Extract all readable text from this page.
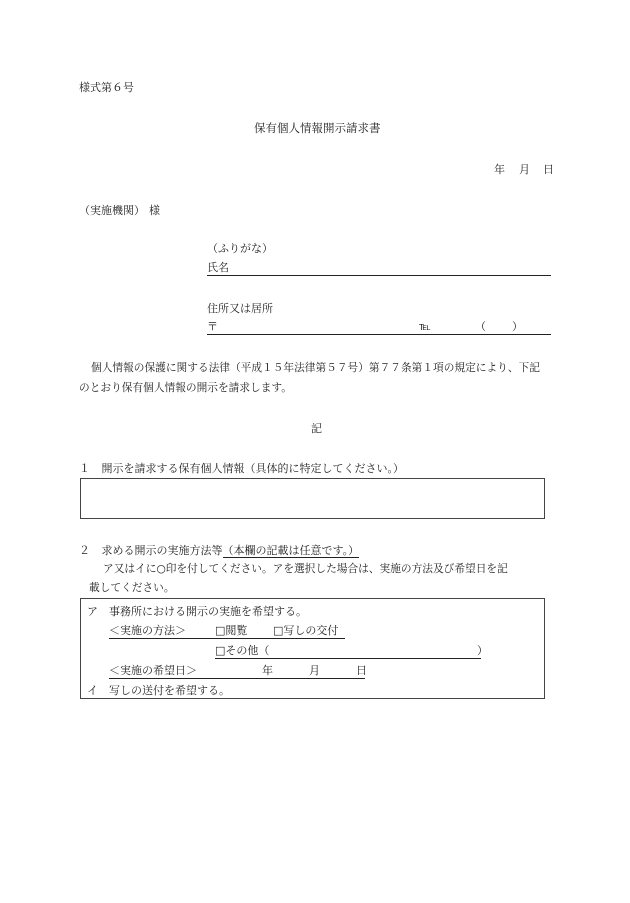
様式第６号
保有個人情報開示請求書
年 月 日
（実施機関） 様
（ふりがな）
氏名
住所又は居所
〒	℡	（ ）
個人情報の保護に関する法律（平成１５年法律第５７号）第７７条第１項の規定により、下記
のとおり保有個人情報の開示を請求します。
記
１ 開示を請求する保有個人情報（具体的に特定してください。）
２ 求める開示の実施方法等（本欄の記載は任意です。）
ア又はイに○印を付してください。アを選択した場合は、実施の方法及び希望日を記
載してください。
ア 事務所における開示の実施を希望する。
＜実施の方法＞	□閲覧 □写しの交付
□その他（	）
＜実施の希望日＞	年	月	日
イ 写しの送付を希望する。
